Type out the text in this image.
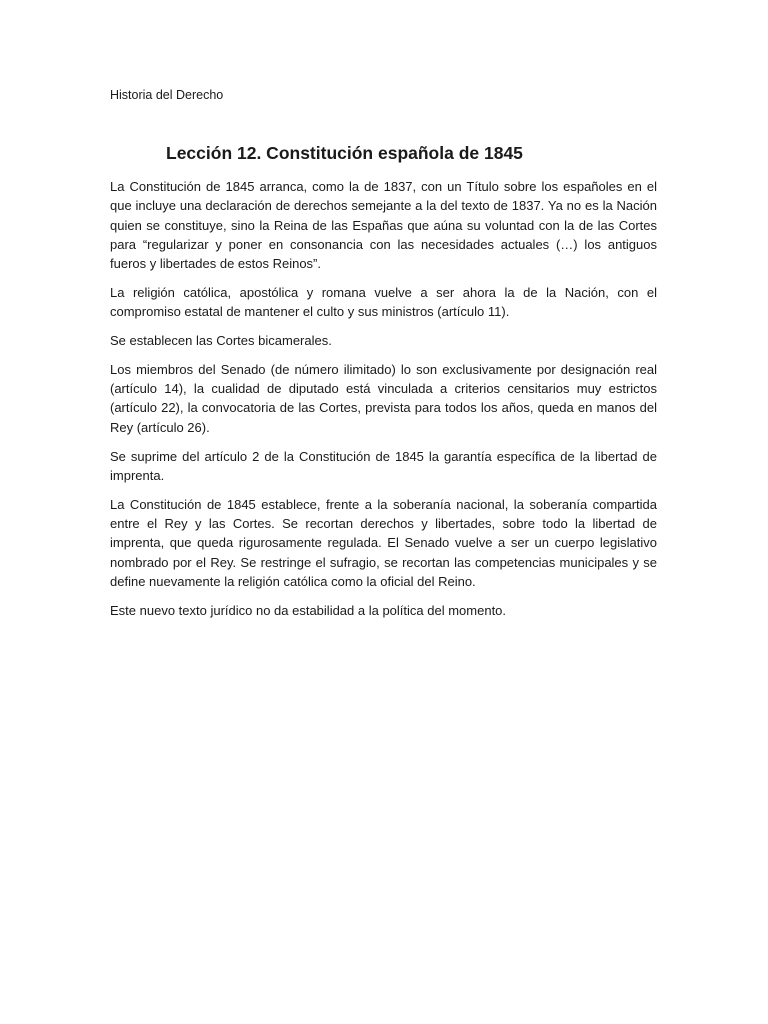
Historia del Derecho

Lección 12. Constitución española de 1845

La Constitución de 1845 arranca, como la de 1837, con un Título sobre los españoles en el que incluye una declaración de derechos semejante a la del texto de 1837. Ya no es la Nación quien se constituye, sino la Reina de las Españas que aúna su voluntad con la de las Cortes para “regularizar y poner en consonancia con las necesidades actuales (…) los antiguos fueros y libertades de estos Reinos”.

La religión católica, apostólica y romana vuelve a ser ahora la de la Nación, con el compromiso estatal de mantener el culto y sus ministros (artículo 11).

Se establecen las Cortes bicamerales.

Los miembros del Senado (de número ilimitado) lo son exclusivamente por designación real (artículo 14), la cualidad de diputado está vinculada a criterios censitarios muy estrictos (artículo 22), la convocatoria de las Cortes, prevista para todos los años, queda en manos del Rey (artículo 26).

Se suprime del artículo 2 de la Constitución de 1845 la garantía específica de la libertad de imprenta.

La Constitución de 1845 establece, frente a la soberanía nacional, la soberanía compartida entre el Rey y las Cortes. Se recortan derechos y libertades, sobre todo la libertad de imprenta, que queda rigurosamente regulada. El Senado vuelve a ser un cuerpo legislativo nombrado por el Rey. Se restringe el sufragio, se recortan las competencias municipales y se define nuevamente la religión católica como la oficial del Reino.

Este nuevo texto jurídico no da estabilidad a la política del momento.
